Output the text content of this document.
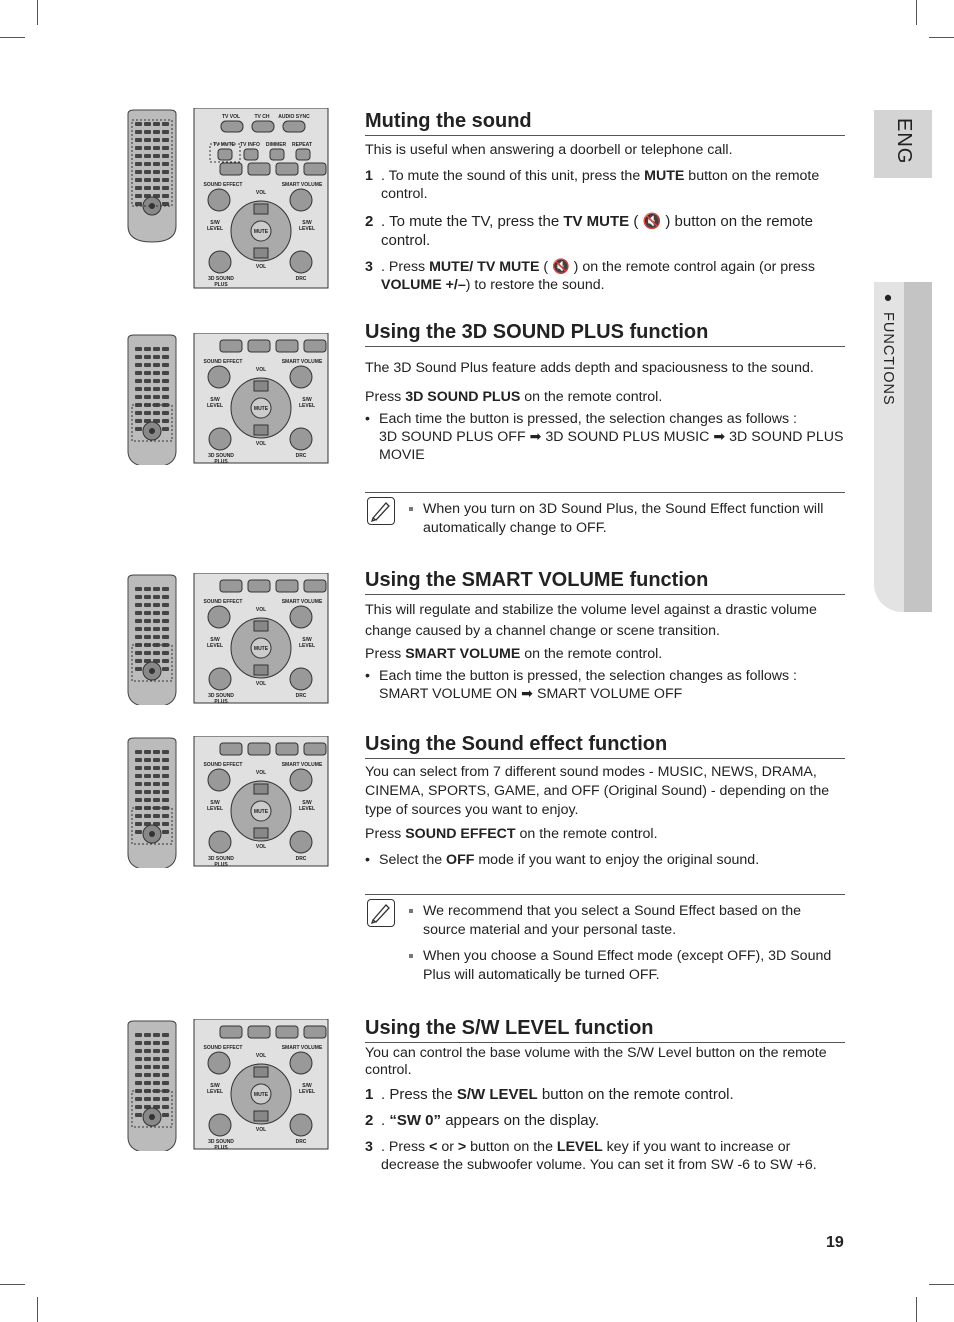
ENG
● FUNCTIONS
TV VOL	TV CH AUDIO SYNC
TV MUTE TV INFO DIMMER REPEAT
SOUND EFFECT	SMART VOLUME
VOL
MUTE
S/W
LEVEL
S/W
LEVEL
VOL
3D SOUND
PLUS
DRC
SOUND EFFECT	SMART VOLUME
VOL
MUTE
S/W
LEVEL
S/W
LEVEL
VOL
3D SOUND
PLUS
DRC
SOUND EFFECT	SMART VOLUME
VOL
MUTE
S/W
LEVEL
S/W
LEVEL
VOL
3D SOUND
PLUS
DRC
SOUND EFFECT	SMART VOLUME
VOL
MUTE
S/W
LEVEL
S/W
LEVEL
VOL
3D SOUND
PLUS
DRC
SOUND EFFECT	SMART VOLUME
VOL
MUTE
S/W
LEVEL
S/W
LEVEL
VOL
3D SOUND
PLUS
DRC
Muting the sound

This is useful when answering a doorbell or telephone call.

1 . To mute the sound of this unit, press the MUTE button on the remote control.
2 . To mute the TV, press the TV MUTE ( 🔇 ) button on the remote control.
3 . Press MUTE/ TV MUTE ( 🔇 ) on the remote control again (or press VOLUME +/–) to restore the sound.
Using the 3D SOUND PLUS function

The 3D Sound Plus feature adds depth and spaciousness to the sound.

Press 3D SOUND PLUS on the remote control.

• Each time the button is pressed, the selection changes as follows :
3D SOUND PLUS OFF ➡ 3D SOUND PLUS MUSIC ➡ 3D SOUND PLUS MOVIE
When you turn on 3D Sound Plus, the Sound Effect function will automatically change to OFF.
Using the SMART VOLUME function

This will regulate and stabilize the volume level against a drastic volume change caused by a channel change or scene transition.

Press SMART VOLUME on the remote control.

• Each time the button is pressed, the selection changes as follows :
SMART VOLUME ON ➡ SMART VOLUME OFF
Using the Sound effect function

You can select from 7 different sound modes - MUSIC, NEWS, DRAMA, CINEMA, SPORTS, GAME, and OFF (Original Sound) - depending on the type of sources you want to enjoy.

Press SOUND EFFECT on the remote control.

• Select the OFF mode if you want to enjoy the original sound.
We recommend that you select a Sound Effect based on the source material and your personal taste.
When you choose a Sound Effect mode (except OFF), 3D Sound Plus will automatically be turned OFF.
Using the S/W LEVEL function

You can control the base volume with the S/W Level button on the remote control.

1 . Press the S/W LEVEL button on the remote control.
2 . “SW 0” appears on the display.
3 . Press < or > button on the LEVEL key if you want to increase or decrease the subwoofer volume. You can set it from SW -6 to SW +6.
19
